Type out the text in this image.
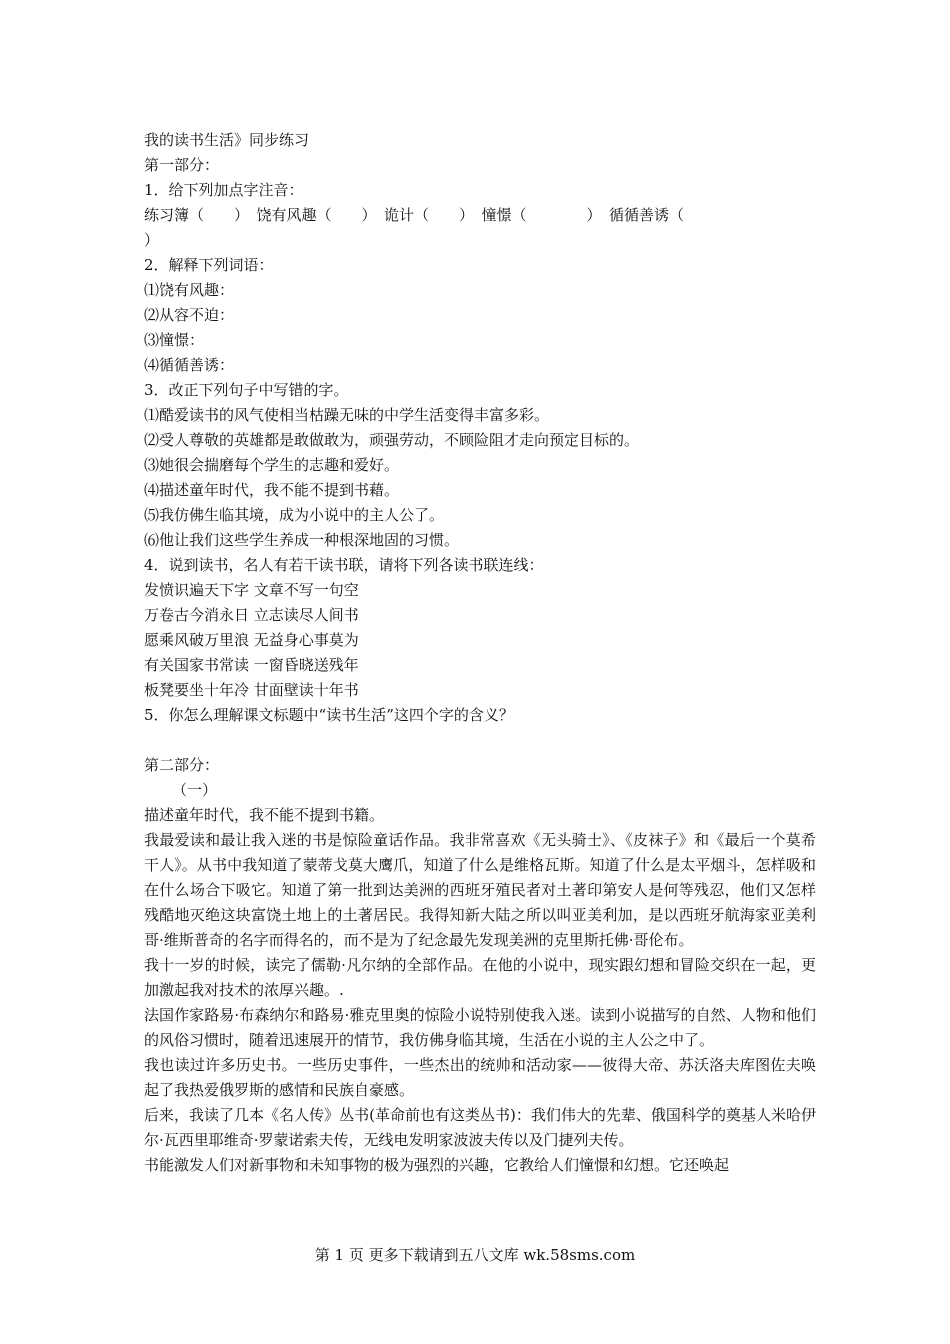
我的读书生活》同步练习
第一部分：
1．给下列加点字注音：
练习簿（　　）　饶有风趣（　　）　诡计（　　）　憧憬（　　　　）　循循善诱（
）
2．解释下列词语：
⑴饶有风趣：
⑵从容不迫：
⑶憧憬：
⑷循循善诱：
3．改正下列句子中写错的字。
⑴酷爱读书的风气使相当枯躁无味的中学生活变得丰富多彩。
⑵受人尊敬的英雄都是敢做敢为，顽强劳动，不顾险阻才走向预定目标的。
⑶她很会揣磨每个学生的志趣和爱好。
⑷描述童年时代，我不能不提到书藉。
⑸我仿佛生临其境，成为小说中的主人公了。
⑹他让我们这些学生养成一种根深地固的习惯。
4．说到读书，名人有若干读书联，请将下列各读书联连线：
发愤识遍天下字 文章不写一句空
万卷古今消永日 立志读尽人间书
愿乘风破万里浪 无益身心事莫为
有关国家书常读 一窗昏晓送残年
板凳要坐十年冷 甘面壁读十年书
5．你怎么理解课文标题中“读书生活”这四个字的含义？
第二部分：
（一）
描述童年时代，我不能不提到书籍。
我最爱读和最让我入迷的书是惊险童话作品。我非常喜欢《无头骑士》、《皮袜子》和《最后一个莫希干人》。从书中我知道了蒙蒂戈莫大鹰爪，知道了什么是维格瓦斯。知道了什么是太平烟斗，怎样吸和在什么场合下吸它。知道了第一批到达美洲的西班牙殖民者对土著印第安人是何等残忍，他们又怎样残酷地灭绝这块富饶土地上的土著居民。我得知新大陆之所以叫亚美利加，是以西班牙航海家亚美利哥·维斯普奇的名字而得名的，而不是为了纪念最先发现美洲的克里斯托佛·哥伦布。
我十一岁的时候，读完了儒勒·凡尔纳的全部作品。在他的小说中，现实跟幻想和冒险交织在一起，更加激起我对技术的浓厚兴趣。.
法国作家路易·布森纳尔和路易·雅克里奥的惊险小说特别使我入迷。读到小说描写的自然、人物和他们的风俗习惯时，随着迅速展开的情节，我仿佛身临其境，生活在小说的主人公之中了。
我也读过许多历史书。一些历史事件，一些杰出的统帅和活动家——彼得大帝、苏沃洛夫库图佐夫唤起了我热爱俄罗斯的感情和民族自豪感。
后来，我读了几本《名人传》丛书(革命前也有这类丛书)：我们伟大的先辈、俄国科学的奠基人米哈伊尔·瓦西里耶维奇·罗蒙诺索夫传，无线电发明家波波夫传以及门捷列夫传。
书能激发人们对新事物和未知事物的极为强烈的兴趣，它教给人们憧憬和幻想。它还唤起
第 1 页 更多下载请到五八文库 wk.58sms.com
